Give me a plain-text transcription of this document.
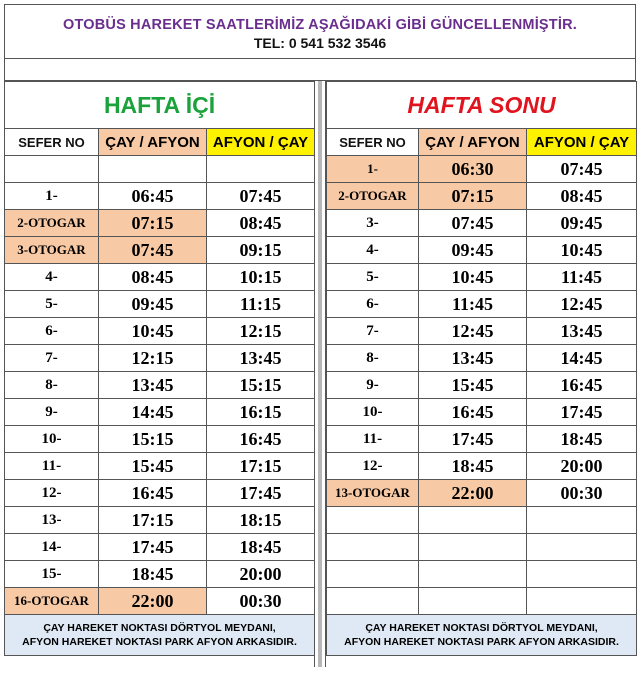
OTOBÜS HAREKET SAATLERİMİZ AŞAĞIDAKİ GİBİ GÜNCELLENMİŞTİR.
TEL: 0 541 532 3546
HAFTA İÇİ		
SEFER NO	ÇAY / AFYON	AFYON / ÇAY

1-	06:45	07:45
2-OTOGAR	07:15	08:45
3-OTOGAR	07:45	09:15
4-	08:45	10:15
5-	09:45	11:15
6-	10:45	12:15
7-	12:15	13:45
8-	13:45	15:15
9-	14:45	16:15
10-	15:15	16:45
11-	15:45	17:15
12-	16:45	17:45
13-	17:15	18:15
14-	17:45	18:45
15-	18:45	20:00
16-OTOGAR	22:00	00:30

ÇAY HAREKET NOKTASI DÖRTYOL MEYDANI,
AFYON HAREKET NOKTASI PARK AFYON ARKASIDIR.		
HAFTA SONU		
SEFER NO	ÇAY / AFYON	AFYON / ÇAY
1-	06:30	07:45
2-OTOGAR	07:15	08:45
3-	07:45	09:45
4-	09:45	10:45
5-	10:45	11:45
6-	11:45	12:45
7-	12:45	13:45
8-	13:45	14:45
9-	15:45	16:45
10-	16:45	17:45
11-	17:45	18:45
12-	18:45	20:00
13-OTOGAR	22:00	00:30

ÇAY HAREKET NOKTASI DÖRTYOL MEYDANI,
AFYON HAREKET NOKTASI PARK AFYON ARKASIDIR.		
